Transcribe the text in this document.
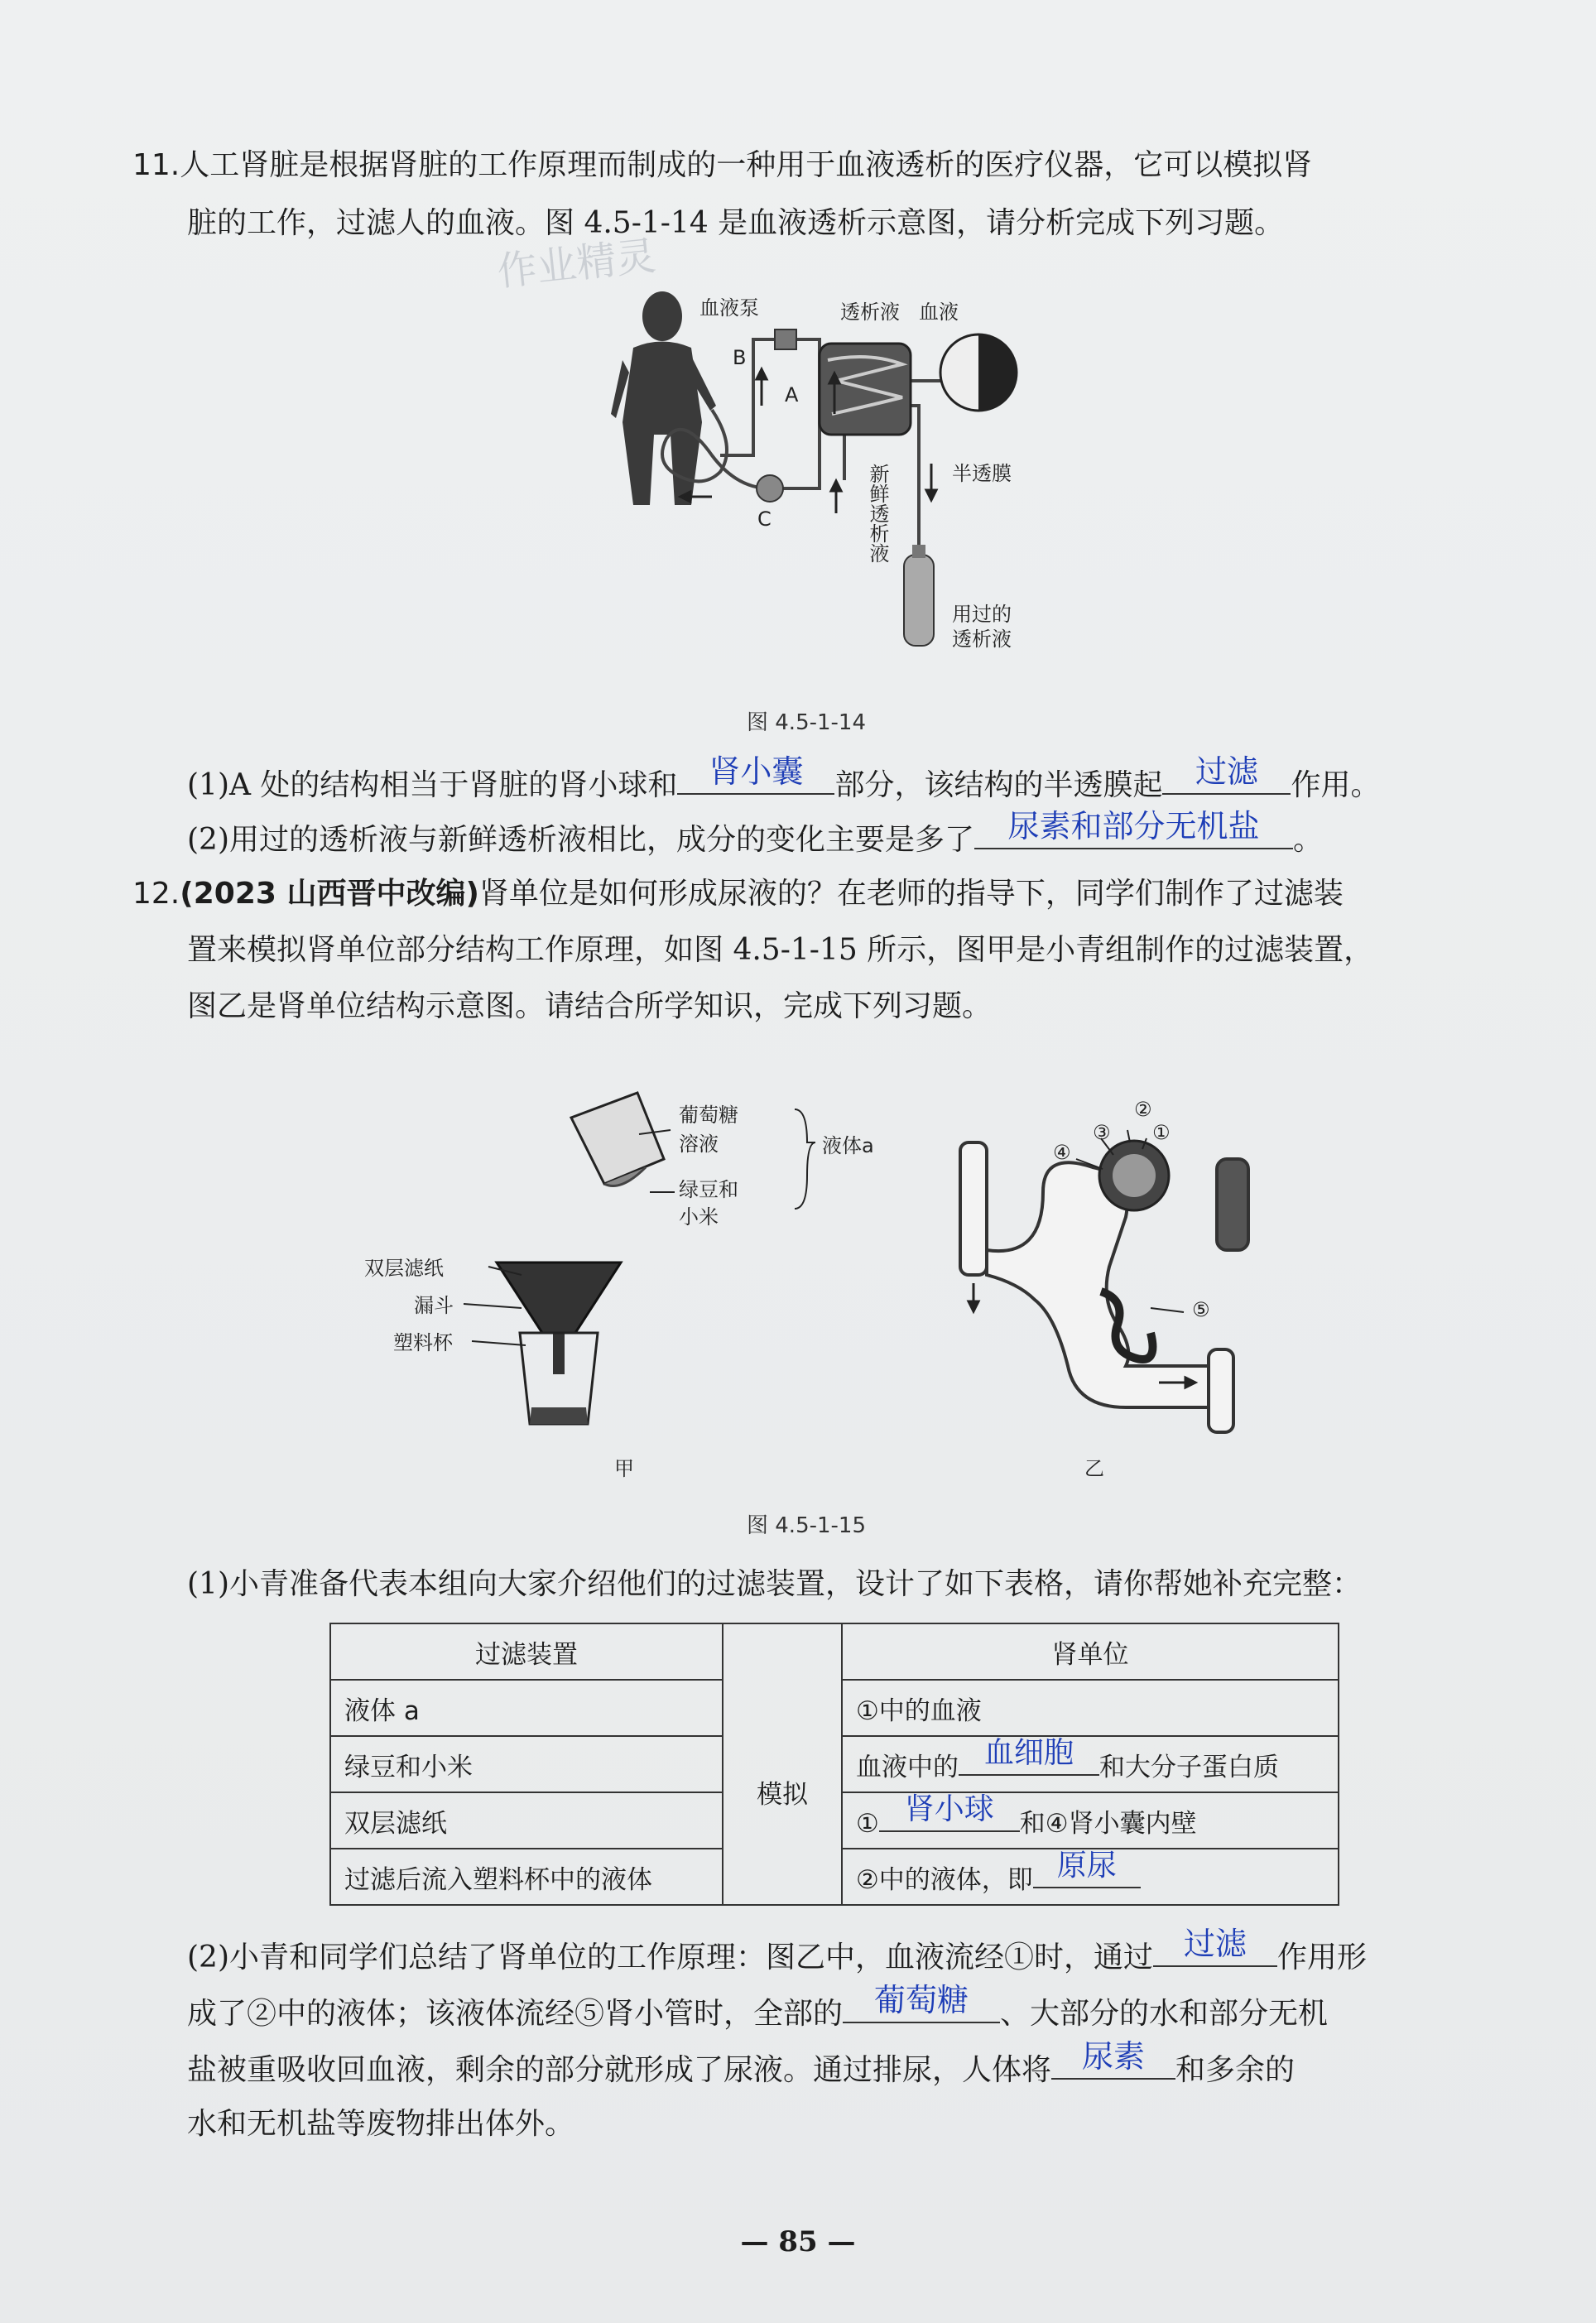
11.人工肾脏是根据肾脏的工作原理而制成的一种用于血液透析的医疗仪器，它可以模拟肾
脏的工作，过滤人的血液。图 4.5-1-14 是血液透析示意图，请分析完成下列习题。
作业精灵
血液泵	透析液 血液
B
A
C
半透膜
新鲜透析液
用过的
透析液
图 4.5-1-14
(1)A 处的结构相当于肾脏的肾小球和 肾小囊	部分，该结构的半透膜起	过滤	作用。
(2)用过的透析液与新鲜透析液相比，成分的变化主要是多了	尿素和部分无机盐	。
12.(2023 山西晋中改编)肾单位是如何形成尿液的？在老师的指导下，同学们制作了过滤装
置来模拟肾单位部分结构工作原理，如图 4.5-1-15 所示，图甲是小青组制作的过滤装置，
图乙是肾单位结构示意图。请结合所学知识，完成下列习题。
葡萄糖
溶液	液体a
绿豆和
小米
双层滤纸
漏斗
塑料杯
甲
②
③ ①
④
⑤
乙
图 4.5-1-15
(1)小青准备代表本组向大家介绍他们的过滤装置，设计了如下表格，请你帮她补充完整：
过滤装置		肾单位
液体 a	模拟	①中的血液
绿豆和小米		血液中的 血细胞 和大分子蛋白质
双层滤纸		① 肾小球 和④肾小囊内壁
过滤后流入塑料杯中的液体		②中的液体，即 原尿
(2)小青和同学们总结了肾单位的工作原理：图乙中，血液流经①时，通过 过滤	作用形
成了②中的液体；该液体流经⑤肾小管时，全部的 葡萄糖	、大部分的水和部分无机
盐被重吸收回血液，剩余的部分就形成了尿液。通过排尿，人体将 尿素	和多余的
水和无机盐等废物排出体外。
— 85 —
